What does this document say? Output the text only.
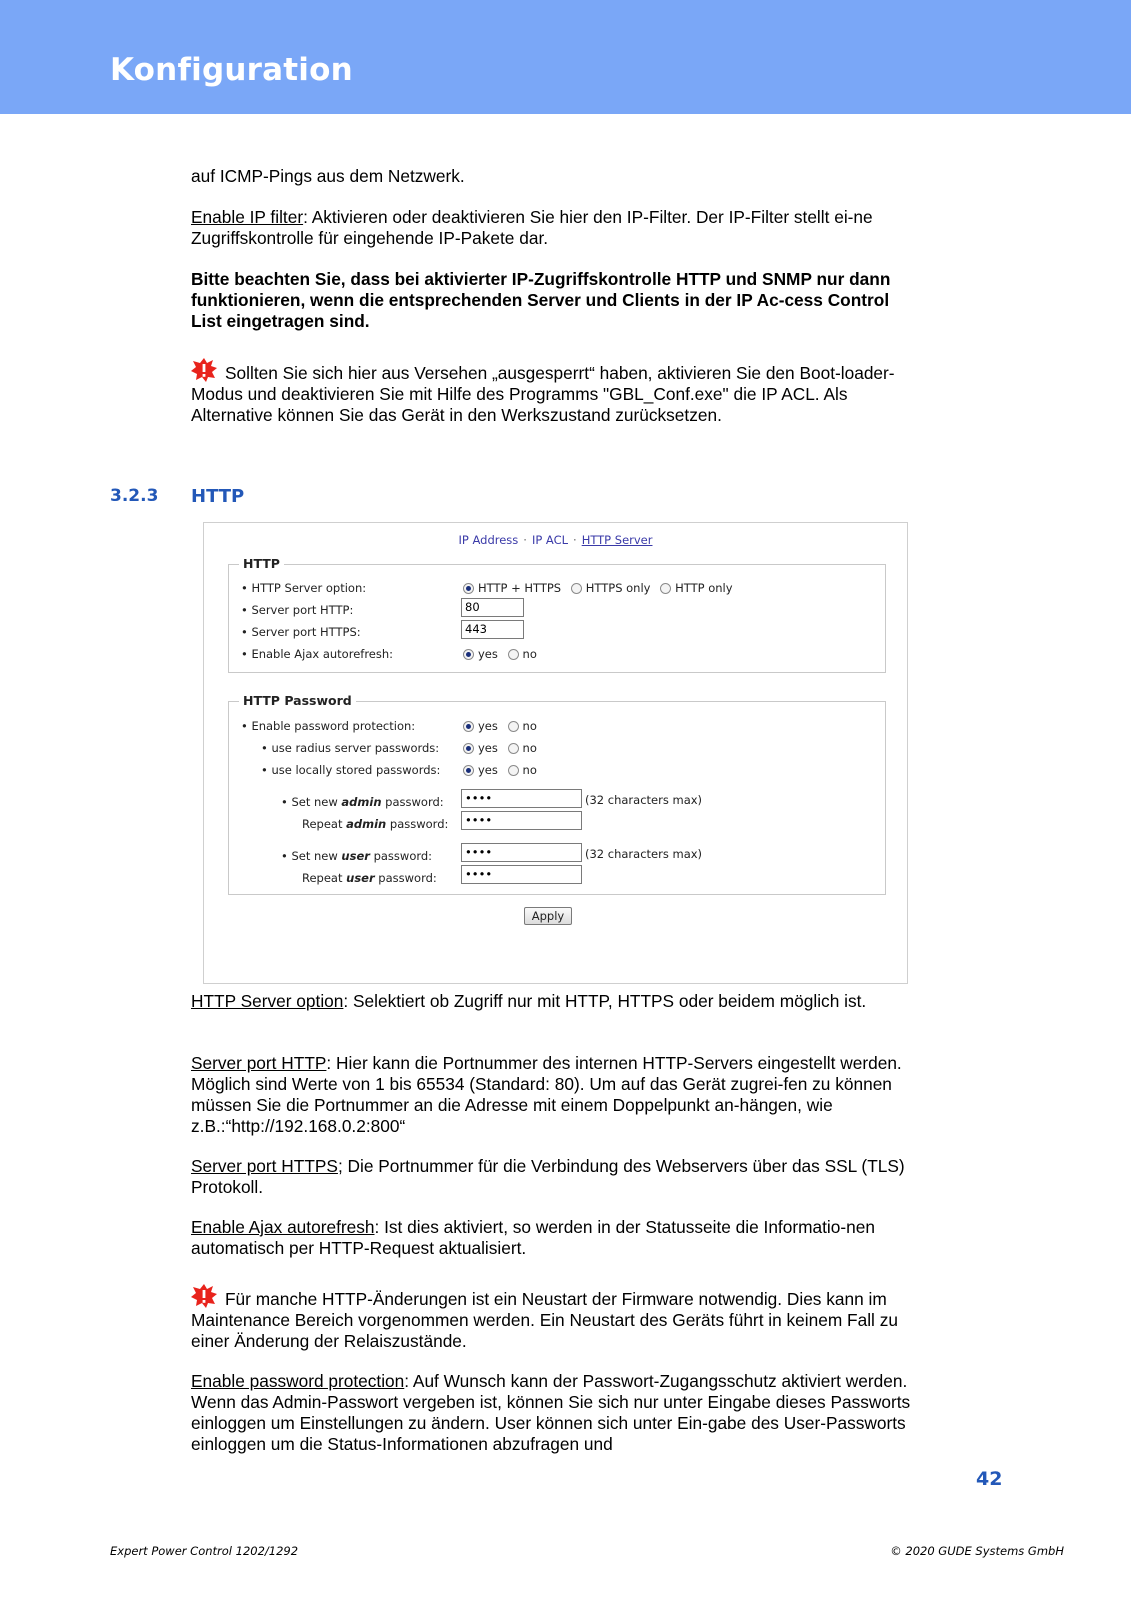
Konfiguration

auf ICMP-Pings aus dem Netzwerk.

Enable IP filter: Aktivieren oder deaktivieren Sie hier den IP-Filter. Der IP-Filter stellt ei-ne Zugriffskontrolle für eingehende IP-Pakete dar.

Bitte beachten Sie, dass bei aktivierter IP-Zugriffskontrolle HTTP und SNMP nur dann funktionieren, wenn die entsprechenden Server und Clients in der IP Ac-cess Control List eingetragen sind.

Sollten Sie sich hier aus Versehen „ausgesperrt“ haben, aktivieren Sie den Boot-loader-Modus und deaktivieren Sie mit Hilfe des Programms "GBL_Conf.exe" die IP ACL. Als Alternative können Sie das Gerät in den Werkszustand zurücksetzen.

3.2.3 HTTP
IP Address · IP ACL · HTTP Server
HTTP
• HTTP Server option:	HTTP + HTTPS HTTPS only HTTP only
• Server port HTTP:	80
• Server port HTTPS:	443
• Enable Ajax autorefresh:	yes no
HTTP Password
• Enable password protection:	yes no
• use radius server passwords:	yes no
• use locally stored passwords:	yes no
• Set new admin password:	••••	(32 characters max)
Repeat admin password:	••••
• Set new user password:	••••	(32 characters max)
Repeat user password:	••••
Apply

HTTP Server option: Selektiert ob Zugriff nur mit HTTP, HTTPS oder beidem möglich ist.

Server port HTTP: Hier kann die Portnummer des internen HTTP-Servers eingestellt werden. Möglich sind Werte von 1 bis 65534 (Standard: 80). Um auf das Gerät zugrei-fen zu können müssen Sie die Portnummer an die Adresse mit einem Doppelpunkt an-hängen, wie z.B.:“http://192.168.0.2:800“

Server port HTTPS; Die Portnummer für die Verbindung des Webservers über das SSL (TLS) Protokoll.

Enable Ajax autorefresh: Ist dies aktiviert, so werden in der Statusseite die Informatio-nen automatisch per HTTP-Request aktualisiert.

Für manche HTTP-Änderungen ist ein Neustart der Firmware notwendig. Dies kann im Maintenance Bereich vorgenommen werden. Ein Neustart des Geräts führt in keinem Fall zu einer Änderung der Relaiszustände.

Enable password protection: Auf Wunsch kann der Passwort-Zugangsschutz aktiviert werden. Wenn das Admin-Passwort vergeben ist, können Sie sich nur unter Eingabe dieses Passworts einloggen um Einstellungen zu ändern. User können sich unter Ein-gabe des User-Passworts einloggen um die Status-Informationen abzufragen und

42
Expert Power Control 1202/1292	© 2020 GUDE Systems GmbH
